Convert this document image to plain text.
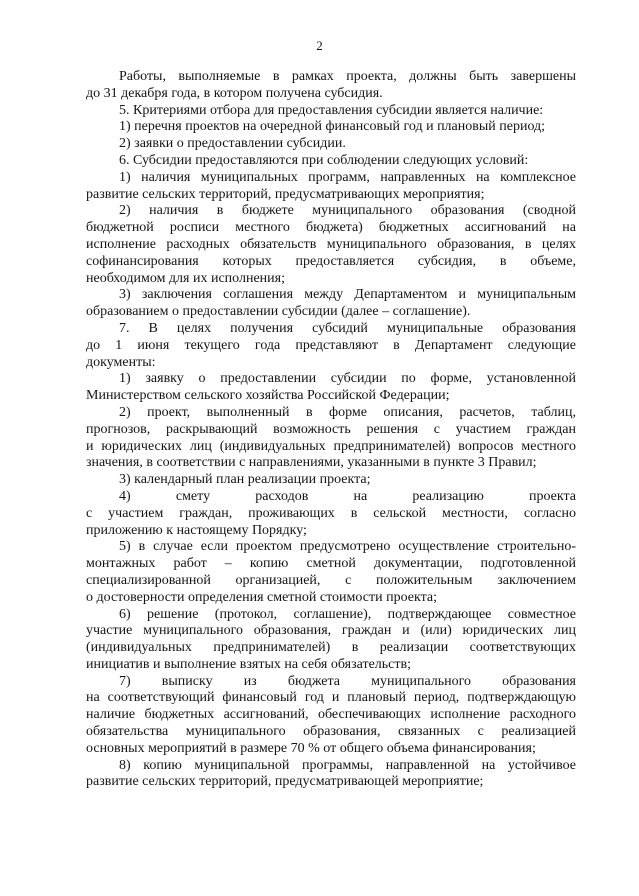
2
Работы, выполняемые в рамках проекта, должны быть завершены
до 31 декабря года, в котором получена субсидия.
5. Критериями отбора для предоставления субсидии является наличие:
1) перечня проектов на очередной финансовый год и плановый период;
2) заявки о предоставлении субсидии.
6. Субсидии предоставляются при соблюдении следующих условий:
1) наличия муниципальных программ, направленных на комплексное
развитие сельских территорий, предусматривающих мероприятия;
2) наличия в бюджете муниципального образования (сводной
бюджетной росписи местного бюджета) бюджетных ассигнований на
исполнение расходных обязательств муниципального образования, в целях
софинансирования которых предоставляется субсидия, в объеме,
необходимом для их исполнения;
3) заключения соглашения между Департаментом и муниципальным
образованием о предоставлении субсидии (далее – соглашение).
7. В целях получения субсидий муниципальные образования
до 1 июня текущего года представляют в Департамент следующие
документы:
1) заявку о предоставлении субсидии по форме, установленной
Министерством сельского хозяйства Российской Федерации;
2) проект, выполненный в форме описания, расчетов, таблиц,
прогнозов, раскрывающий возможность решения с участием граждан
и юридических лиц (индивидуальных предпринимателей) вопросов местного
значения, в соответствии с направлениями, указанными в пункте 3 Правил;
3) календарный план реализации проекта;
4) смету расходов на реализацию проекта
с участием граждан, проживающих в сельской местности, согласно
приложению к настоящему Порядку;
5) в случае если проектом предусмотрено осуществление строительно-
монтажных работ – копию сметной документации, подготовленной
специализированной организацией, с положительным заключением
о достоверности определения сметной стоимости проекта;
6) решение (протокол, соглашение), подтверждающее совместное
участие муниципального образования, граждан и (или) юридических лиц
(индивидуальных предпринимателей) в реализации соответствующих
инициатив и выполнение взятых на себя обязательств;
7) выписку из бюджета муниципального образования
на соответствующий финансовый год и плановый период, подтверждающую
наличие бюджетных ассигнований, обеспечивающих исполнение расходного
обязательства муниципального образования, связанных с реализацией
основных мероприятий в размере 70 % от общего объема финансирования;
8) копию муниципальной программы, направленной на устойчивое
развитие сельских территорий, предусматривающей мероприятие;
